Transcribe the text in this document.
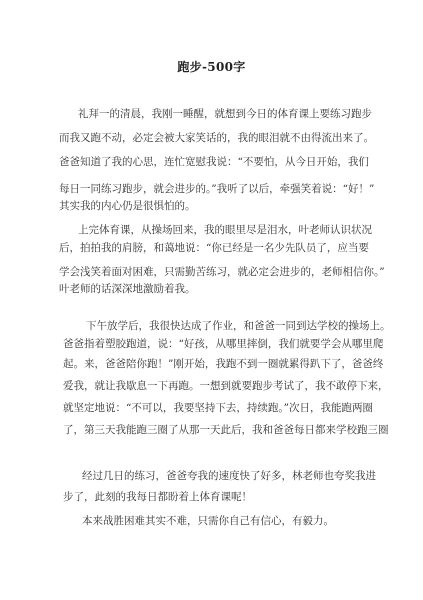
跑步-500字
礼拜一的清晨，我刚一睡醒，就想到今日的体育课上要练习跑步
而我又跑不动，必定会被大家笑话的，我的眼泪就不由得流出来了。
爸爸知道了我的心思，连忙宽慰我说：“不要怕，从今日开始，我们
每日一同练习跑步，就会进步的。”我听了以后，牵强笑着说：“好！”
其实我的内心仍是很惧怕的。
上完体育课，从操场回来，我的眼里尽是泪水，叶老师认识状况
后，拍拍我的肩膀，和蔼地说：“你已经是一名少先队员了，应当要
学会浅笑着面对困难，只需勤苦练习，就必定会进步的，老师相信你。”
叶老师的话深深地激励着我。
下午放学后，我很快达成了作业，和爸爸一同到达学校的操场上。
爸爸指着塑胶跑道，说：“好孩，从哪里摔倒，我们就要学会从哪里爬
起。来，爸爸陪你跑！”刚开始，我跑不到一圈就累得趴下了，爸爸终
爱我，就让我歇息一下再跑。一想到就要跑步考试了，我不敢停下来，
就坚定地说：“不可以，我要坚持下去，持续跑。”次日，我能跑两圈
了，第三天我能跑三圈了从那一天此后，我和爸爸每日都来学校跑三圈
经过几日的练习，爸爸夸我的速度快了好多，林老师也夸奖我进
步了，此刻的我每日都盼着上体育课呢！
本来战胜困难其实不难，只需你自己有信心，有毅力。
